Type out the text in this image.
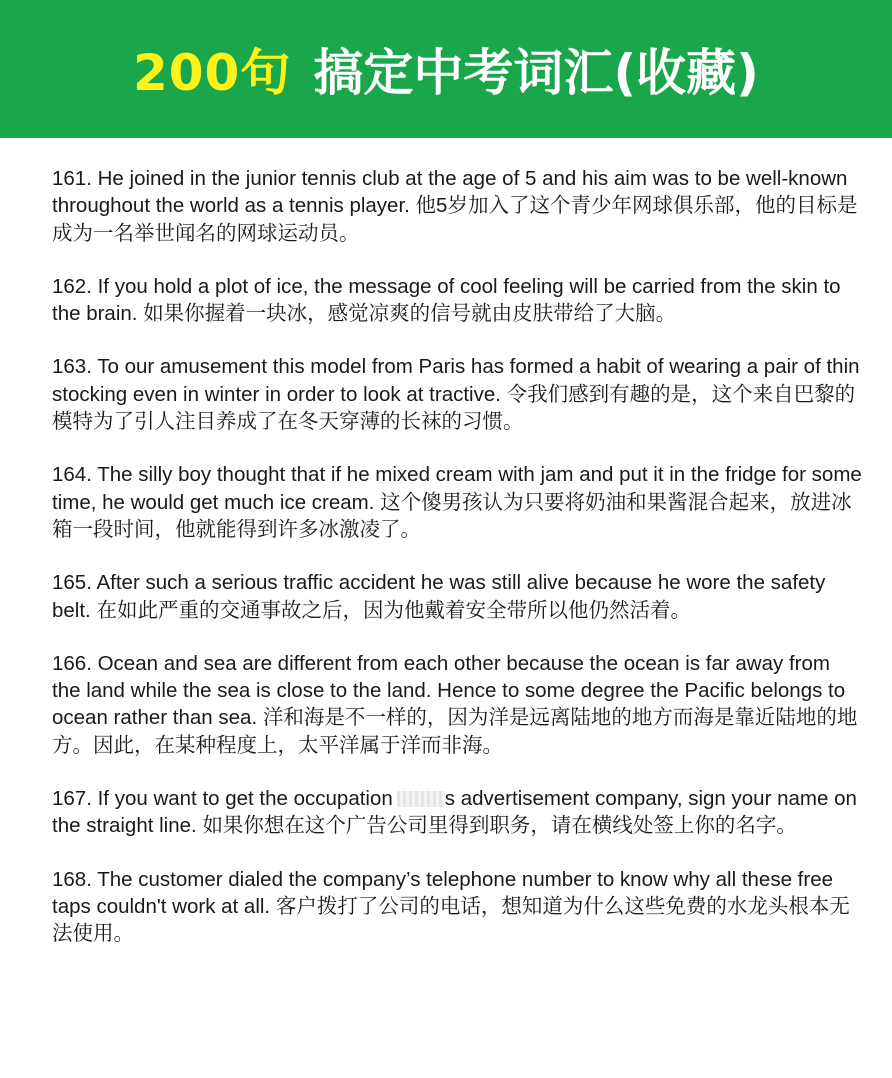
200句 搞定中考词汇(收藏)

161. He joined in the junior tennis club at the age of 5 and his aim was to be well-known throughout the world as a tennis player. 他5岁加入了这个青少年网球俱乐部，他的目标是成为一名举世闻名的网球运动员。

162. If you hold a plot of ice, the message of cool feeling will be carried from the skin to the brain. 如果你握着一块冰，感觉凉爽的信号就由皮肤带给了大脑。

163. To our amusement this model from Paris has formed a habit of wearing a pair of thin stocking even in winter in order to look at tractive. 令我们感到有趣的是，这个来自巴黎的模特为了引人注目养成了在冬天穿薄的长袜的习惯。

164. The silly boy thought that if he mixed cream with jam and put it in the fridge for some time, he would get much ice cream. 这个傻男孩认为只要将奶油和果酱混合起来，放进冰箱一段时间，他就能得到许多冰激凌了。

165. After such a serious traffic accident he was still alive because he wore the safety belt. 在如此严重的交通事故之后，因为他戴着安全带所以他仍然活着。

166. Ocean and sea are different from each other because the ocean is far away from the land while the sea is close to the land. Hence to some degree the Pacific belongs to ocean rather than sea. 洋和海是不一样的，因为洋是远离陆地的地方而海是靠近陆地的地方。因此，在某种程度上，太平洋属于洋而非海。

167. If you want to get the occupation	s advertisement company, sign your name on the straight line. 如果你想在这个广告公司里得到职务，请在横线处签上你的名字。

168. The customer dialed the company’s telephone number to know why all these free taps couldn't work at all. 客户拨打了公司的电话，想知道为什么这些免费的水龙头根本无法使用。
